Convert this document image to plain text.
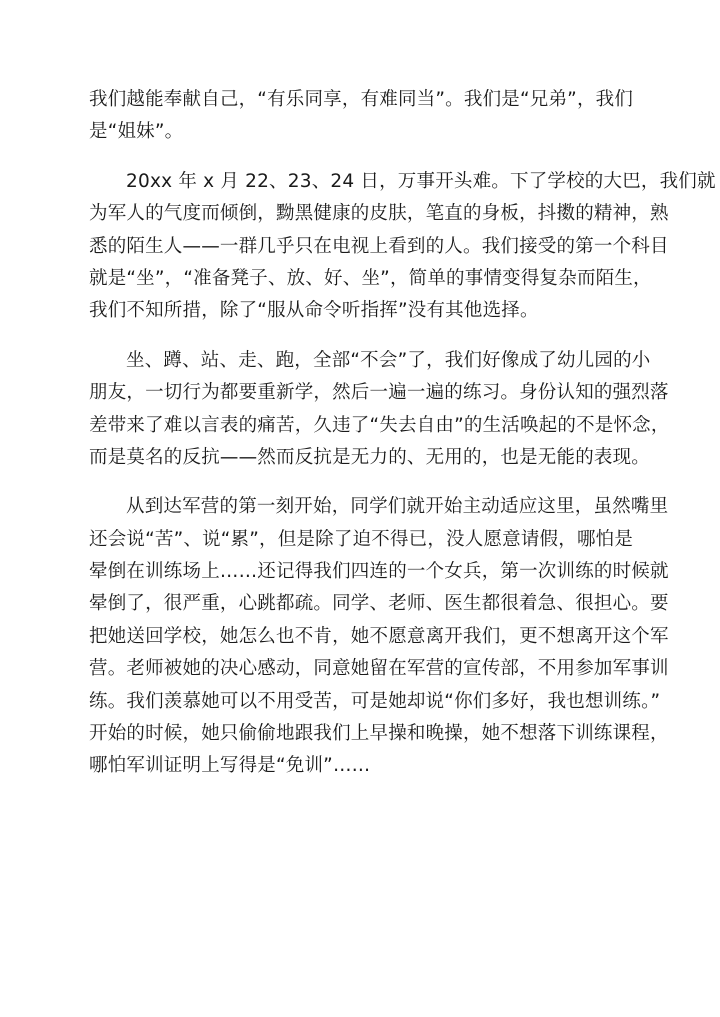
我们越能奉献自己，“有乐同享，有难同当”。我们是“兄弟”，我们
是“姐妹”。
20xx 年 x 月 22、23、24 日，万事开头难。下了学校的大巴，我们就
为军人的气度而倾倒，黝黑健康的皮肤，笔直的身板，抖擞的精神，熟
悉的陌生人——一群几乎只在电视上看到的人。我们接受的第一个科目
就是“坐”，“准备凳子、放、好、坐”，简单的事情变得复杂而陌生，
我们不知所措，除了“服从命令听指挥”没有其他选择。
坐、蹲、站、走、跑，全部“不会”了，我们好像成了幼儿园的小
朋友，一切行为都要重新学，然后一遍一遍的练习。身份认知的强烈落
差带来了难以言表的痛苦，久违了“失去自由”的生活唤起的不是怀念，
而是莫名的反抗——然而反抗是无力的、无用的，也是无能的表现。
从到达军营的第一刻开始，同学们就开始主动适应这里，虽然嘴里
还会说“苦”、说“累”，但是除了迫不得已，没人愿意请假，哪怕是
晕倒在训练场上……还记得我们四连的一个女兵，第一次训练的时候就
晕倒了，很严重，心跳都疏。同学、老师、医生都很着急、很担心。要
把她送回学校，她怎么也不肯，她不愿意离开我们，更不想离开这个军
营。老师被她的决心感动，同意她留在军营的宣传部，不用参加军事训
练。我们羡慕她可以不用受苦，可是她却说“你们多好，我也想训练。”
开始的时候，她只偷偷地跟我们上早操和晚操，她不想落下训练课程，
哪怕军训证明上写得是“免训”……
